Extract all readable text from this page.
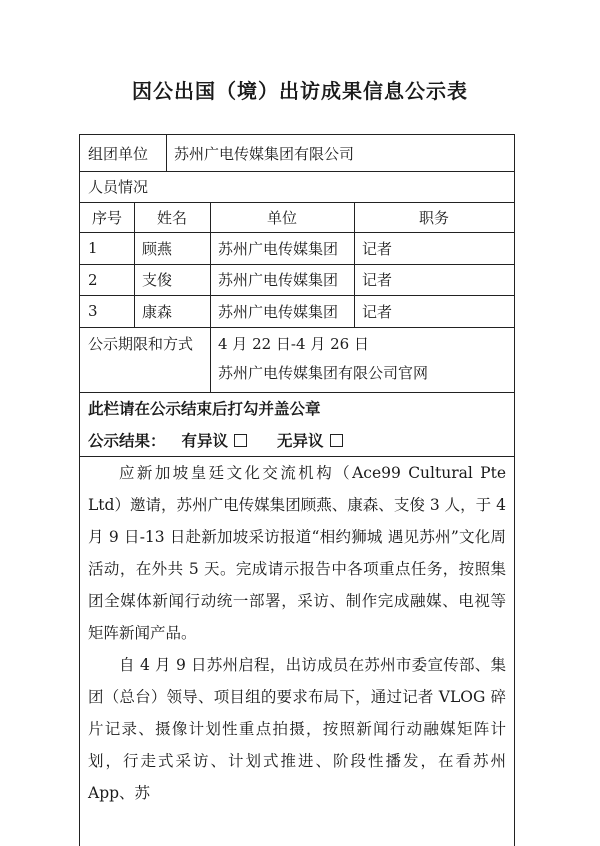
因公出国（境）出访成果信息公示表
组团单位	苏州广电传媒集团有限公司
人员情况
序号	姓名	单位	职务
1	顾燕	苏州广电传媒集团	记者
2	支俊	苏州广电传媒集团	记者
3	康森	苏州广电传媒集团	记者
公示期限和方式	4 月 22 日-4 月 26 日
苏州广电传媒集团有限公司官网
此栏请在公示结束后打勾并盖公章
公示结果： 有异议	无异议
应新加坡皇廷文化交流机构（Ace99 Cultural Pte Ltd）邀请，苏州广电传媒集团顾燕、康森、支俊 3 人，于 4 月 9 日-13 日赴新加坡采访报道“相约狮城 遇见苏州”文化周活动，在外共 5 天。完成请示报告中各项重点任务，按照集团全媒体新闻行动统一部署，采访、制作完成融媒、电视等矩阵新闻产品。
自 4 月 9 日苏州启程，出访成员在苏州市委宣传部、集团（总台）领导、项目组的要求布局下，通过记者 VLOG 碎片记录、摄像计划性重点拍摄，按照新闻行动融媒矩阵计划，行走式采访、计划式推进、阶段性播发，在看苏州 App、苏
